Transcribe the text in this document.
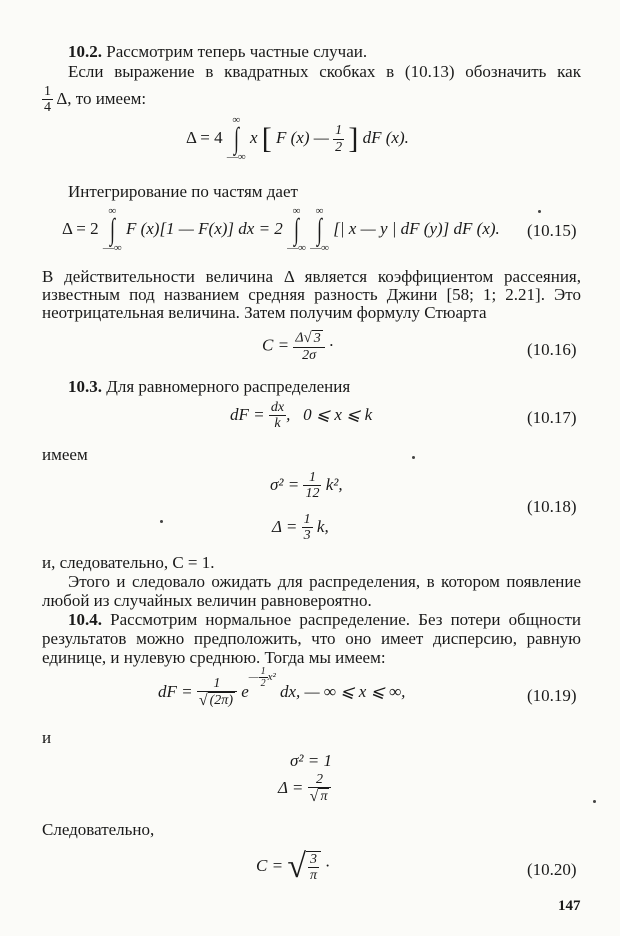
10.2. Рассмотрим теперь частные случаи.
Если выражение в квадратных скобках в (10.13) обозначить как
$\frac{1}{4} \Delta$, то имеем:
Δ = 4
∞
∫
—∞
x [ F (x) — $\frac{1}{2}$ ] dF (x).
Интегрирование по частям дает
Δ = 2
∞
∫
—∞
F (x)[1 — F(x)] dx = 2
∞
∫
—∞

∞
∫
—∞
[| x — y | dF (y)] dF (x). (10.15)
В действительности величина Δ является коэффициентом рассеяния,
известным под названием средняя разность Джини [58; 1; 2.21]. Это
неотрицательная величина. Затем получим формулу Стюарта
$C = \frac{\Delta√ 3}{2\sigma}$ ·	(10.16)
10.3. Для равномерного распределения
dF = $\frac{dx}{k}$ ,   0 ⩽ x ⩽ k	(10.17)
имеем
$\sigma^2 = \frac{1}{12} k^2$,
$\Delta = \frac{1}{3} k$,
(10.18)
и, следовательно, C = 1.
Этого и следовало ожидать для распределения, в котором появление
любой из случайных величин равновероятно.
10.4. Рассмотрим нормальное распределение. Без потери общности
результатов можно предположить, что оно имеет дисперсию, равную
единице, и нулевую среднюю. Тогда мы имеем:
dF = $\frac{1}{√ (2\pi)} e^{— \frac{1}{2} x^2}$ dx, — ∞ ⩽ x ⩽ ∞,	(10.19)
и
σ² = 1
$\Delta = \frac{2}{√ \pi}$
Следовательно,
C = √ $\frac{3}{\pi}$ ·	(10.20)
147
